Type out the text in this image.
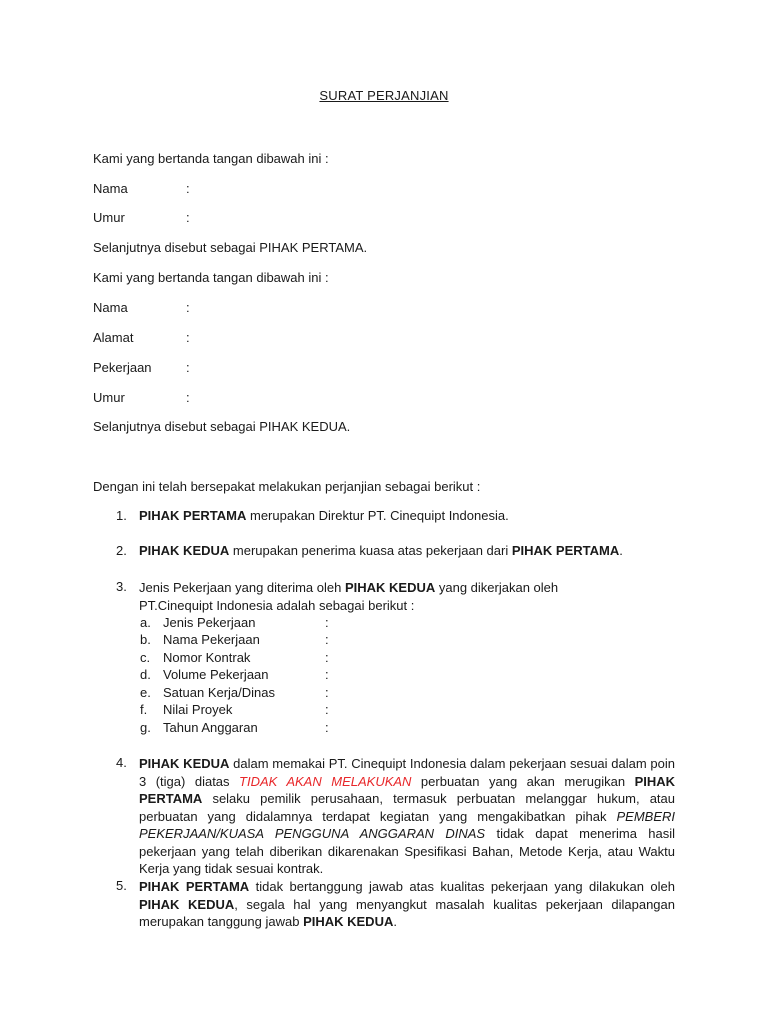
SURAT PERJANJIAN
Kami yang bertanda tangan dibawah ini :
Nama	:
Umur	:
Selanjutnya disebut sebagai PIHAK PERTAMA.
Kami yang bertanda tangan dibawah ini :
Nama	:
Alamat	:
Pekerjaan	:
Umur	:
Selanjutnya disebut sebagai PIHAK KEDUA.
Dengan ini telah bersepakat melakukan perjanjian sebagai berikut :
1. PIHAK PERTAMA merupakan Direktur PT. Cinequipt Indonesia.
2. PIHAK KEDUA merupakan penerima kuasa atas pekerjaan dari PIHAK PERTAMA.
3. Jenis Pekerjaan yang diterima oleh PIHAK KEDUA yang dikerjakan oleh
PT.Cinequipt Indonesia adalah sebagai berikut :
a. Jenis Pekerjaan	:
b. Nama Pekerjaan	:
c. Nomor Kontrak	:
d. Volume Pekerjaan	:
e. Satuan Kerja/Dinas	:
f. Nilai Proyek	:
g. Tahun Anggaran	:
4. PIHAK KEDUA dalam memakai PT. Cinequipt Indonesia dalam pekerjaan sesuai dalam poin 3 (tiga) diatas TIDAK AKAN MELAKUKAN perbuatan yang akan merugikan PIHAK PERTAMA selaku pemilik perusahaan, termasuk perbuatan melanggar hukum, atau perbuatan yang didalamnya terdapat kegiatan yang mengakibatkan pihak PEMBERI PEKERJAAN/KUASA PENGGUNA ANGGARAN DINAS tidak dapat menerima hasil pekerjaan yang telah diberikan dikarenakan Spesifikasi Bahan, Metode Kerja, atau Waktu Kerja yang tidak sesuai kontrak.
5. PIHAK PERTAMA tidak bertanggung jawab atas kualitas pekerjaan yang dilakukan oleh PIHAK KEDUA, segala hal yang menyangkut masalah kualitas pekerjaan dilapangan merupakan tanggung jawab PIHAK KEDUA.
